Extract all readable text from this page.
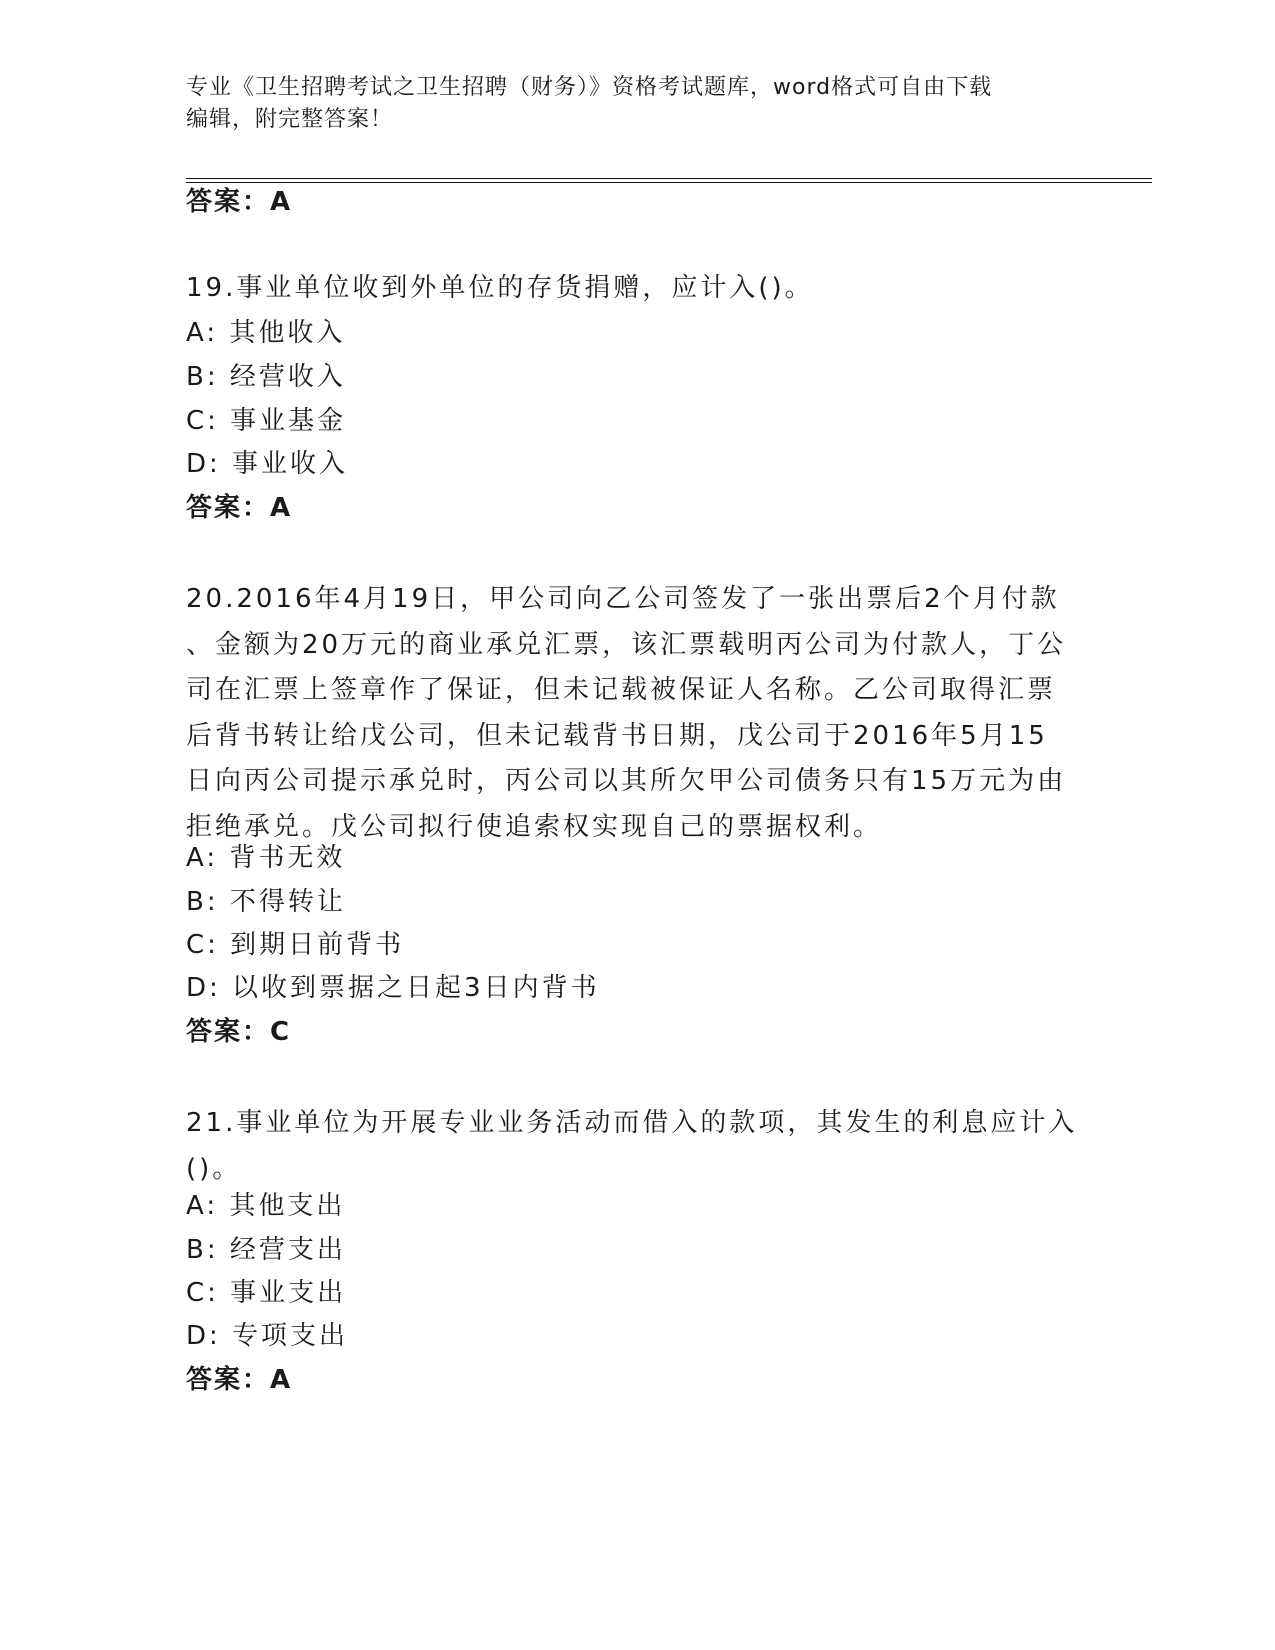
专业《卫生招聘考试之卫生招聘（财务）》资格考试题库，word格式可自由下载
编辑，附完整答案！
答案：A
19.事业单位收到外单位的存货捐赠，应计入()。
A: 其他收入
B: 经营收入
C: 事业基金
D: 事业收入
答案：A
20.2016年4月19日，甲公司向乙公司签发了一张出票后2个月付款
、金额为20万元的商业承兑汇票，该汇票载明丙公司为付款人，丁公
司在汇票上签章作了保证，但未记载被保证人名称。乙公司取得汇票
后背书转让给戊公司，但未记载背书日期，戊公司于2016年5月15
日向丙公司提示承兑时，丙公司以其所欠甲公司债务只有15万元为由
拒绝承兑。戊公司拟行使追索权实现自己的票据权利。
A: 背书无效
B: 不得转让
C: 到期日前背书
D: 以收到票据之日起3日内背书
答案：C
21.事业单位为开展专业业务活动而借入的款项，其发生的利息应计入
()。
A: 其他支出
B: 经营支出
C: 事业支出
D: 专项支出
答案：A
